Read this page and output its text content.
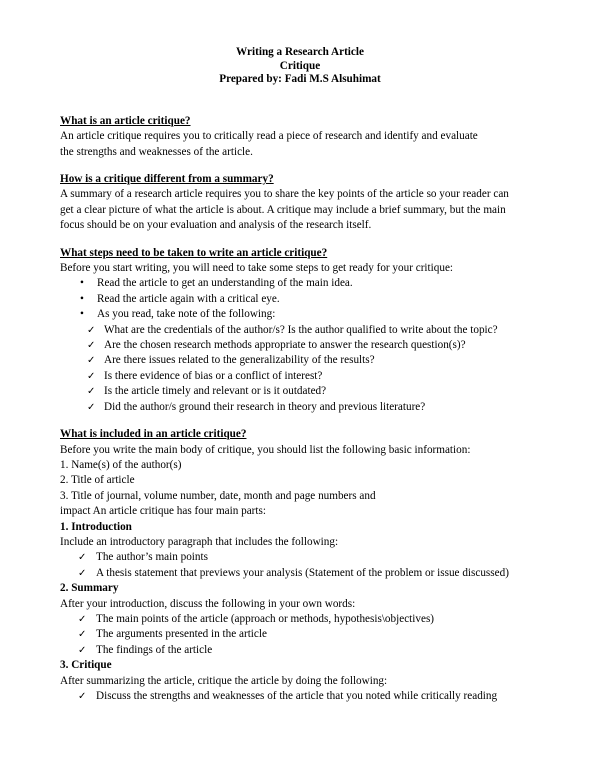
Writing a Research Article
Critique
Prepared by: Fadi M.S Alsuhimat
What is an article critique?

An article critique requires you to critically read a piece of research and identify and evaluate

the strengths and weaknesses of the article.

How is a critique different from a summary?

A summary of a research article requires you to share the key points of the article so your reader can

get a clear picture of what the article is about. A critique may include a brief summary, but the main

focus should be on your evaluation and analysis of the research itself.

What steps need to be taken to write an article critique?

Before you start writing, you will need to take some steps to get ready for your critique:

• Read the article to get an understanding of the main idea.
• Read the article again with a critical eye.
• As you read, take note of the following:
✓ What are the credentials of the author/s? Is the author qualified to write about the topic?
✓ Are the chosen research methods appropriate to answer the research question(s)?
✓ Are there issues related to the generalizability of the results?
✓ Is there evidence of bias or a conflict of interest?
✓ Is the article timely and relevant or is it outdated?
✓ Did the author/s ground their research in theory and previous literature?
What is included in an article critique?

Before you write the main body of critique, you should list the following basic information:

1. Name(s) of the author(s)

2. Title of article

3. Title of journal, volume number, date, month and page numbers and

impact An article critique has four main parts:

1. Introduction

Include an introductory paragraph that includes the following:

✓ The author’s main points
✓ A thesis statement that previews your analysis (Statement of the problem or issue discussed)

2. Summary

After your introduction, discuss the following in your own words:

✓ The main points of the article (approach or methods, hypothesis\objectives)
✓ The arguments presented in the article
✓ The findings of the article

3. Critique

After summarizing the article, critique the article by doing the following:

✓ Discuss the strengths and weaknesses of the article that you noted while critically reading
